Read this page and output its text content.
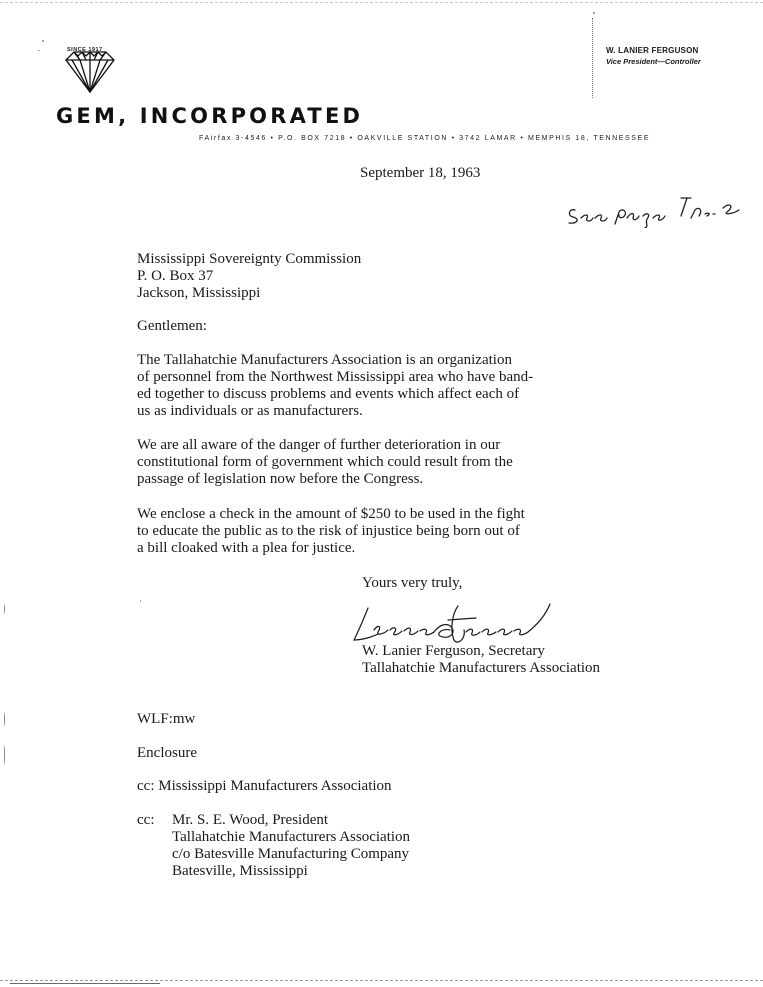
SINCE 1917
GEM, INCORPORATED
FAirfax 3-4546 • P.O. BOX 7218 • OAKVILLE STATION • 3742 LAMAR • MEMPHIS 18, TENNESSEE
W. LANIER FERGUSON
Vice President—Controller
September 18, 1963
Mississippi Sovereignty Commission
P. O. Box 37
Jackson, Mississippi
Gentlemen:
The Tallahatchie Manufacturers Association is an organization
of personnel from the Northwest Mississippi area who have band-
ed together to discuss problems and events which affect each of
us as individuals or as manufacturers.
We are all aware of the danger of further deterioration in our
constitutional form of government which could result from the
passage of legislation now before the Congress.
We enclose a check in the amount of $250 to be used in the fight
to educate the public as to the risk of injustice being born out of
a bill cloaked with a plea for justice.
Yours very truly,
W. Lanier Ferguson, Secretary
Tallahatchie Manufacturers Association
WLF:mw
Enclosure
cc: Mississippi Manufacturers Association
cc: Mr. S. E. Wood, President
Tallahatchie Manufacturers Association
c/o Batesville Manufacturing Company
Batesville, Mississippi
